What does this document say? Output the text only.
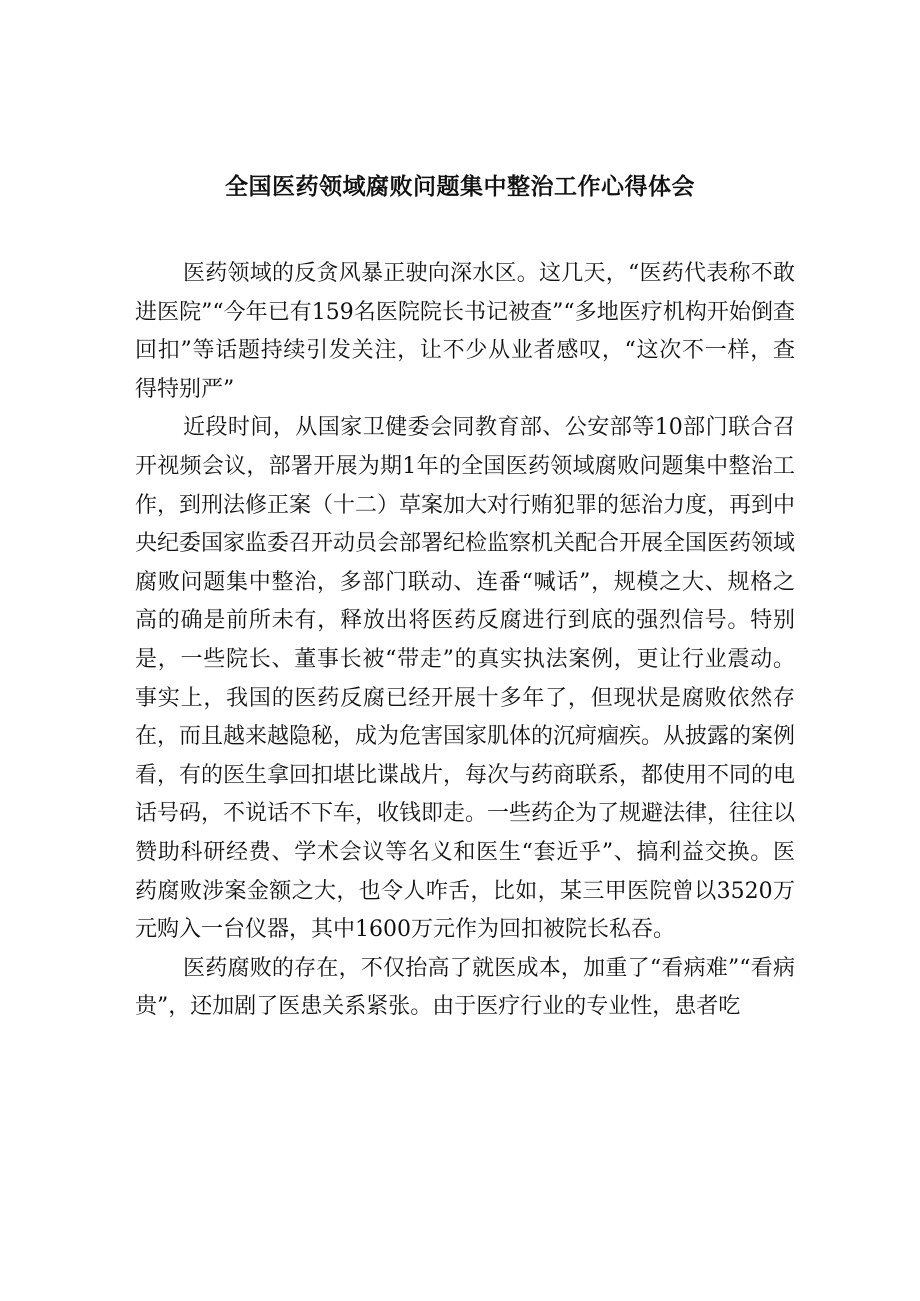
全国医药领域腐败问题集中整治工作心得体会

医药领域的反贪风暴正驶向深水区。这几天，“医药代表称不敢进医院”“今年已有159名医院院长书记被查”“多地医疗机构开始倒查回扣”等话题持续引发关注，让不少从业者感叹，“这次不一样，查得特别严”

近段时间，从国家卫健委会同教育部、公安部等10部门联合召开视频会议，部署开展为期1年的全国医药领域腐败问题集中整治工作，到刑法修正案（十二）草案加大对行贿犯罪的惩治力度，再到中央纪委国家监委召开动员会部署纪检监察机关配合开展全国医药领域腐败问题集中整治，多部门联动、连番“喊话”，规模之大、规格之高的确是前所未有，释放出将医药反腐进行到底的强烈信号。特别是，一些院长、董事长被“带走”的真实执法案例，更让行业震动。事实上，我国的医药反腐已经开展十多年了，但现状是腐败依然存在，而且越来越隐秘，成为危害国家肌体的沉疴痼疾。从披露的案例看，有的医生拿回扣堪比谍战片，每次与药商联系，都使用不同的电话号码，不说话不下车，收钱即走。一些药企为了规避法律，往往以赞助科研经费、学术会议等名义和医生“套近乎”、搞利益交换。医药腐败涉案金额之大，也令人咋舌，比如，某三甲医院曾以3520万元购入一台仪器，其中1600万元作为回扣被院长私吞。

医药腐败的存在，不仅抬高了就医成本，加重了“看病难”“看病贵”，还加剧了医患关系紧张。由于医疗行业的专业性，患者吃
